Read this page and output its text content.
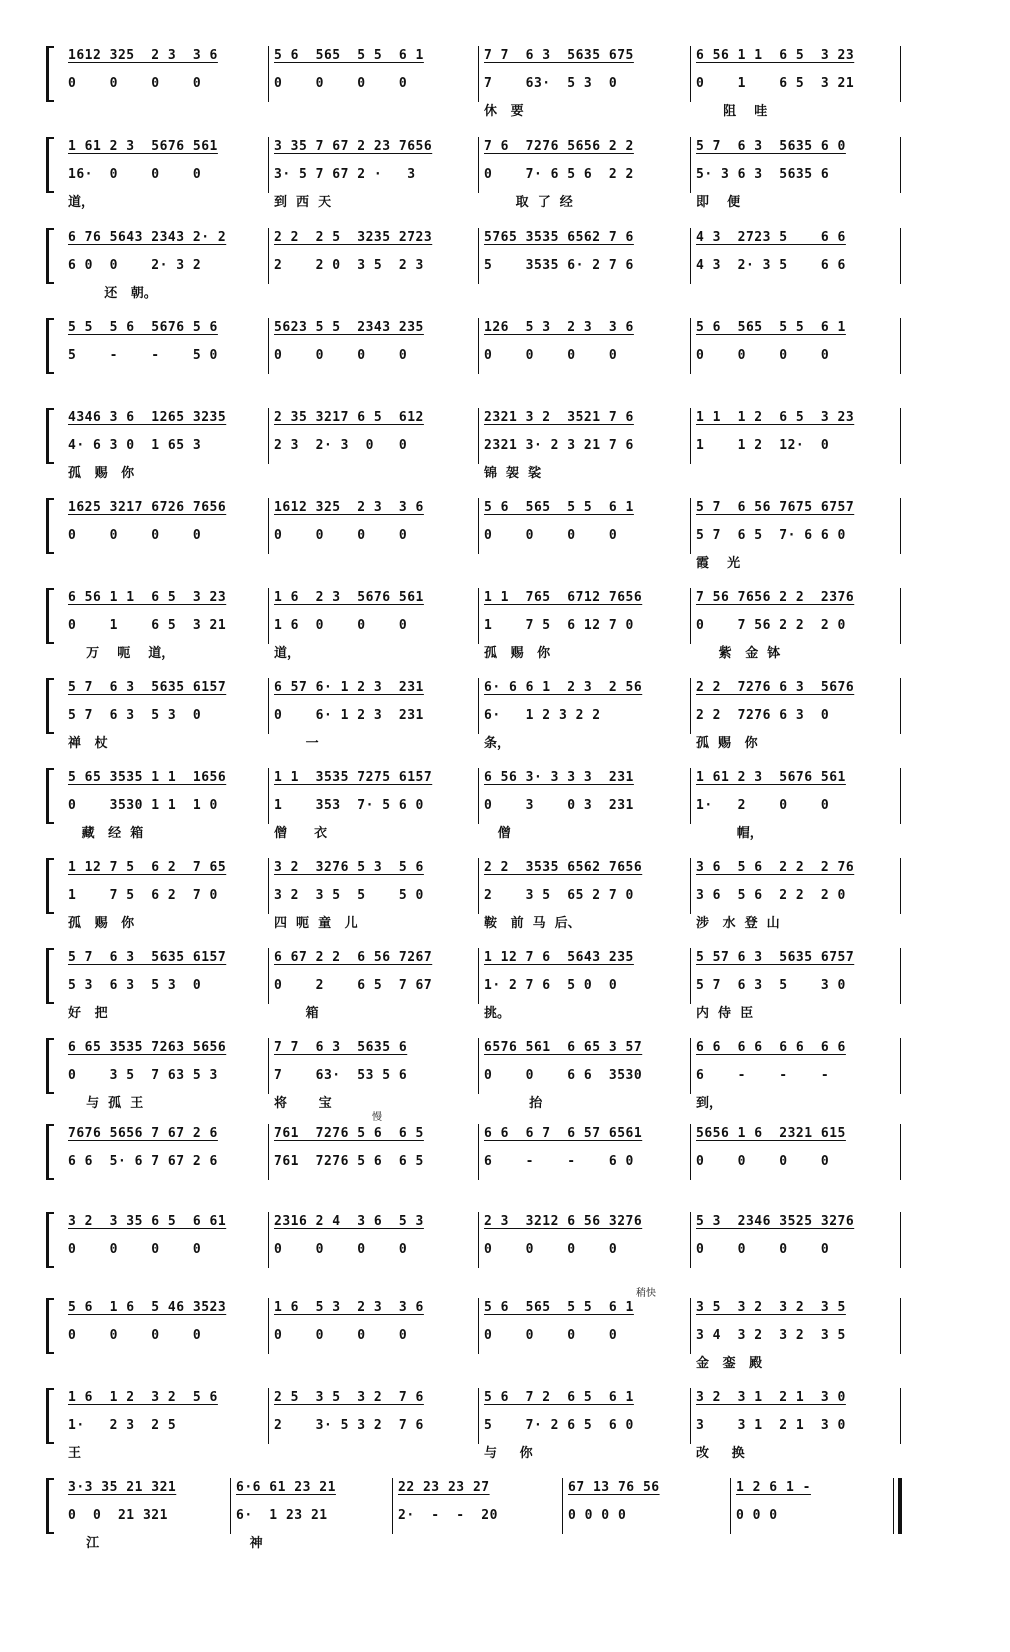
1612 325  2 3  3 6
0    0    0    0
5 6  565  5 5  6 1
0    0    0    0
7 7  6 3  5635 675
7    63·  5 3  0
休   要
6 56 1 1  6 5  3 23
0    1    6 5  3 21
阻    哇
1 61 2 3  5676 561
16·  0    0    0
道，
3 35 7 67 2 23 7656
3· 5 7 67 2 ·   3
到  西  天
7 6  7276 5656 2 2
0    7· 6 5 6  2 2
取  了  经
5 7  6 3  5635 6 0
5· 3 6 3  5635 6
即    便
6 76 5643 2343 2· 2
6 0  0    2· 3 2
还   朝。
2 2  2 5  3235 2723
2    2 0  3 5  2 3
5765 3535 6562 7 6
5    3535 6· 2 7 6
4 3  2723 5    6 6
4 3  2· 3 5    6 6
5 5  5 6  5676 5 6
5    -    -    5 0
5623 5 5  2343 235
0    0    0    0
126  5 3  2 3  3 6
0    0    0    0
5 6  565  5 5  6 1
0    0    0    0
4346 3 6  1265 3235
4· 6 3 0  1 65 3
孤   赐   你
2 35 3217 6 5  612
2 3  2· 3  0   0
2321 3 2  3521 7 6
2321 3· 2 3 21 7 6
锦  袈  裟
1 1  1 2  6 5  3 23
1    1 2  12·  0
1625 3217 6726 7656
0    0    0    0
1612 325  2 3  3 6
0    0    0    0
5 6  565  5 5  6 1
0    0    0    0
5 7  6 56 7675 6757
5 7  6 5  7· 6 6 0
霞    光
6 56 1 1  6 5  3 23
0    1    6 5  3 21
万    呃    道，
1 6  2 3  5676 561
1 6  0    0    0
道，
1 1  765  6712 7656
1    7 5  6 12 7 0
孤   赐   你
7 56 7656 2 2  2376
0    7 56 2 2  2 0
紫   金  钵
5 7  6 3  5635 6157
5 7  6 3  5 3  0
禅   杖
6 57 6· 1 2 3  231
0    6· 1 2 3  231
一
6· 6 6 1  2 3  2 56
6·   1 2 3 2 2
条，
2 2  7276 6 3  5676
2 2  7276 6 3  0
孤  赐   你
5 65 3535 1 1  1656
0    3530 1 1  1 0
藏   经  箱
1 1  3535 7275 6157
1    353  7· 5 6 0
僧      衣
6 56 3· 3 3 3  231
0    3    0 3  231
僧
1 61 2 3  5676 561
1·   2    0    0
帽，
1 12 7 5  6 2  7 65
1    7 5  6 2  7 0
孤   赐   你
3 2  3276 5 3  5 6
3 2  3 5  5    5 0
四  呃  童   儿
2 2  3535 6562 7656
2    3 5  65 2 7 0
鞍   前  马  后、
3 6  5 6  2 2  2 76
3 6  5 6  2 2  2 0
涉   水  登  山
5 7  6 3  5635 6157
5 3  6 3  5 3  0
好   把
6 67 2 2  6 56 7267
0    2    6 5  7 67
箱
1 12 7 6  5643 235
1· 2 7 6  5 0  0
挑。
5 57 6 3  5635 6757
5 7  6 3  5    3 0
内  侍  臣
6 65 3535 7263 5656
0    3 5  7 63 5 3
与  孤  王
7 7  6 3  5635 6
7    63·  53 5 6
将       宝
6576 561  6 65 3 57
0    0    6 6  3530
抬
6 6  6 6  6 6  6 6
6    -    -    -
到，
7676 5656 7 67 2 6
6 6  5· 6 7 67 2 6
761  7276 5 6  6 5
761  7276 5 6  6 5
6 6  6 7  6 57 6561
6    -    -    6 0
5656 1 6  2321 615
0    0    0    0
3 2  3 35 6 5  6 61
0    0    0    0
2316 2 4  3 6  5 3
0    0    0    0
2 3  3212 6 56 3276
0    0    0    0
5 3  2346 3525 3276
0    0    0    0
5 6  1 6  5 46 3523
0    0    0    0
1 6  5 3  2 3  3 6
0    0    0    0
5 6  565  5 5  6 1
0    0    0    0
3 5  3 2  3 2  3 5
3 4  3 2  3 2  3 5
金   銮   殿
1 6  1 2  3 2  5 6
1·   2 3  2 5
王
2 5  3 5  3 2  7 6
2    3· 5 3 2  7 6
5 6  7 2  6 5  6 1
5    7· 2 6 5  6 0
与     你
3 2  3 1  2 1  3 0
3    3 1  2 1  3 0
改     换
3·3 35 21 321
0  0  21 321
江
6·6 61 23 21
6·  1 23 21
神
22 23 23 27
2·  -  -  20
67 13 76 56
0 0 0 0
1 2 6 1 -
0 0 0
慢
稍快
